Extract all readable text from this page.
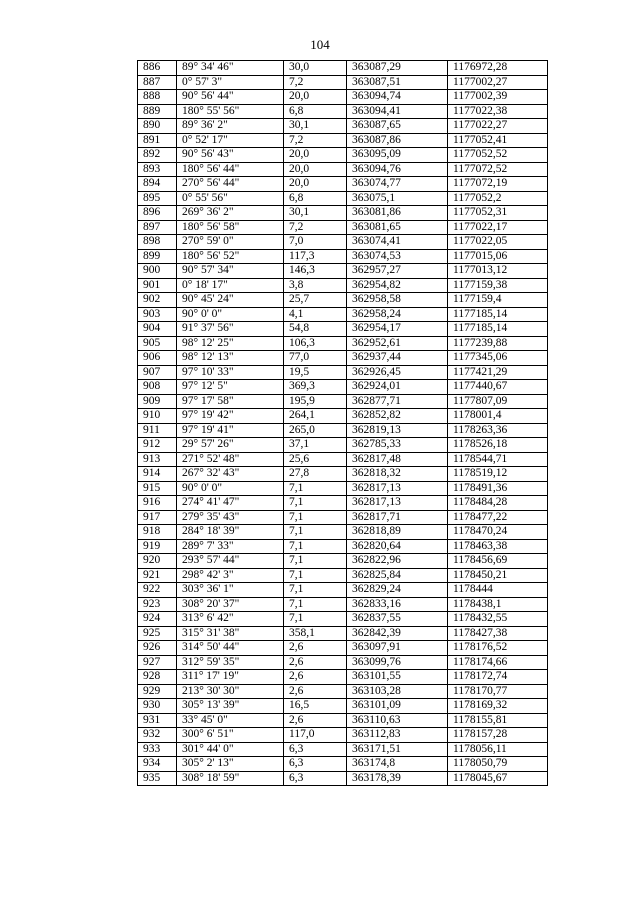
104
886	89° 34' 46"	30,0	363087,29	1176972,28
887	0° 57' 3"	7,2	363087,51	1177002,27
888	90° 56' 44"	20,0	363094,74	1177002,39
889	180° 55' 56"	6,8	363094,41	1177022,38
890	89° 36' 2"	30,1	363087,65	1177022,27
891	0° 52' 17"	7,2	363087,86	1177052,41
892	90° 56' 43"	20,0	363095,09	1177052,52
893	180° 56' 44"	20,0	363094,76	1177072,52
894	270° 56' 44"	20,0	363074,77	1177072,19
895	0° 55' 56"	6,8	363075,1	1177052,2
896	269° 36' 2"	30,1	363081,86	1177052,31
897	180° 56' 58"	7,2	363081,65	1177022,17
898	270° 59' 0"	7,0	363074,41	1177022,05
899	180° 56' 52"	117,3	363074,53	1177015,06
900	90° 57' 34"	146,3	362957,27	1177013,12
901	0° 18' 17"	3,8	362954,82	1177159,38
902	90° 45' 24"	25,7	362958,58	1177159,4
903	90° 0' 0"	4,1	362958,24	1177185,14
904	91° 37' 56"	54,8	362954,17	1177185,14
905	98° 12' 25"	106,3	362952,61	1177239,88
906	98° 12' 13"	77,0	362937,44	1177345,06
907	97° 10' 33"	19,5	362926,45	1177421,29
908	97° 12' 5"	369,3	362924,01	1177440,67
909	97° 17' 58"	195,9	362877,71	1177807,09
910	97° 19' 42"	264,1	362852,82	1178001,4
911	97° 19' 41"	265,0	362819,13	1178263,36
912	29° 57' 26"	37,1	362785,33	1178526,18
913	271° 52' 48"	25,6	362817,48	1178544,71
914	267° 32' 43"	27,8	362818,32	1178519,12
915	90° 0' 0"	7,1	362817,13	1178491,36
916	274° 41' 47"	7,1	362817,13	1178484,28
917	279° 35' 43"	7,1	362817,71	1178477,22
918	284° 18' 39"	7,1	362818,89	1178470,24
919	289° 7' 33"	7,1	362820,64	1178463,38
920	293° 57' 44"	7,1	362822,96	1178456,69
921	298° 42' 3"	7,1	362825,84	1178450,21
922	303° 36' 1"	7,1	362829,24	1178444
923	308° 20' 37"	7,1	362833,16	1178438,1
924	313° 6' 42"	7,1	362837,55	1178432,55
925	315° 31' 38"	358,1	362842,39	1178427,38
926	314° 50' 44"	2,6	363097,91	1178176,52
927	312° 59' 35"	2,6	363099,76	1178174,66
928	311° 17' 19"	2,6	363101,55	1178172,74
929	213° 30' 30"	2,6	363103,28	1178170,77
930	305° 13' 39"	16,5	363101,09	1178169,32
931	33° 45' 0"	2,6	363110,63	1178155,81
932	300° 6' 51"	117,0	363112,83	1178157,28
933	301° 44' 0"	6,3	363171,51	1178056,11
934	305° 2' 13"	6,3	363174,8	1178050,79
935	308° 18' 59"	6,3	363178,39	1178045,67
